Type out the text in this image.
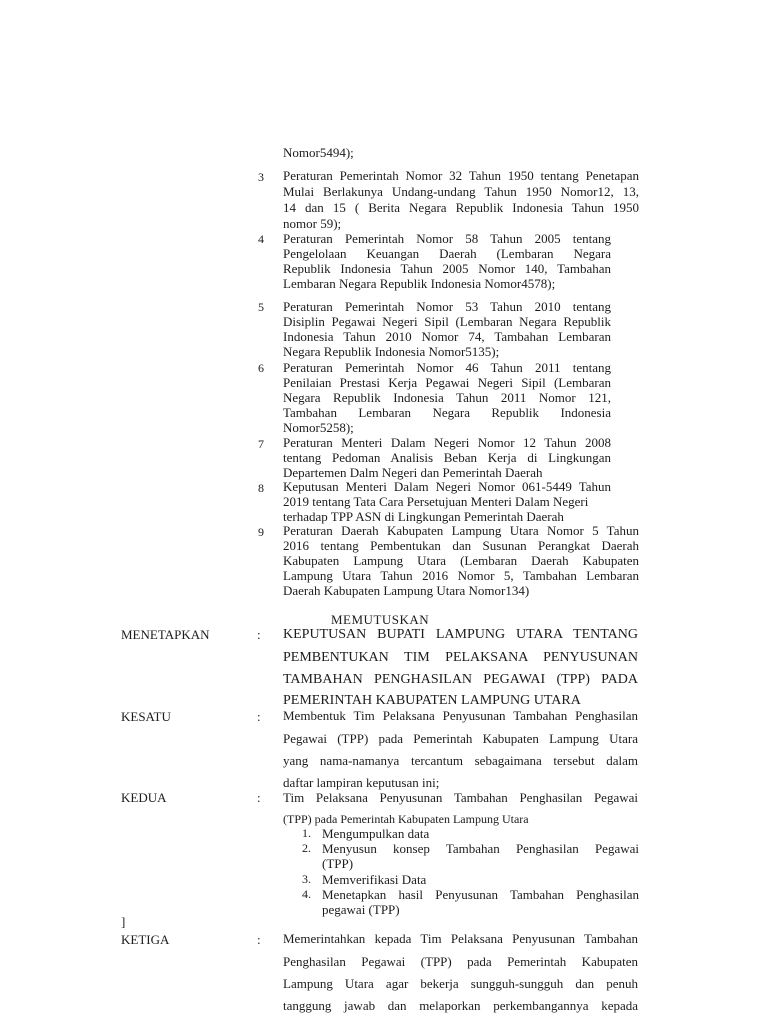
Nomor5494);
3 Peraturan Pemerintah Nomor 32 Tahun 1950 tentang Penetapan
Mulai Berlakunya Undang-undang Tahun 1950 Nomor12, 13,
14 dan 15 ( Berita Negara Republik Indonesia Tahun 1950
nomor 59);
4 Peraturan Pemerintah Nomor 58 Tahun 2005 tentang
Pengelolaan Keuangan Daerah (Lembaran Negara
Republik Indonesia Tahun 2005 Nomor 140, Tambahan
Lembaran Negara Republik Indonesia Nomor4578);
5 Peraturan Pemerintah Nomor 53 Tahun 2010 tentang
Disiplin Pegawai Negeri Sipil (Lembaran Negara Republik
Indonesia Tahun 2010 Nomor 74, Tambahan Lembaran
Negara Republik Indonesia Nomor5135);
6 Peraturan Pemerintah Nomor 46 Tahun 2011 tentang
Penilaian Prestasi Kerja Pegawai Negeri Sipil (Lembaran
Negara Republik Indonesia Tahun 2011 Nomor 121,
Tambahan Lembaran Negara Republik Indonesia
Nomor5258);
7 Peraturan Menteri Dalam Negeri Nomor 12 Tahun 2008
tentang Pedoman Analisis Beban Kerja di Lingkungan
Departemen Dalm Negeri dan Pemerintah Daerah
8 Keputusan Menteri Dalam Negeri Nomor 061-5449 Tahun
2019 tentang Tata Cara Persetujuan Menteri Dalam Negeri
terhadap TPP ASN di Lingkungan Pemerintah Daerah
9 Peraturan Daerah Kabupaten Lampung Utara Nomor 5 Tahun
2016 tentang Pembentukan dan Susunan Perangkat Daerah
Kabupaten Lampung Utara (Lembaran Daerah Kabupaten
Lampung Utara Tahun 2016 Nomor 5, Tambahan Lembaran
Daerah Kabupaten Lampung Utara Nomor134)
MEMUTUSKAN
MENETAPKAN	: KEPUTUSAN BUPATI LAMPUNG UTARA TENTANG
PEMBENTUKAN TIM PELAKSANA PENYUSUNAN
TAMBAHAN PENGHASILAN PEGAWAI (TPP) PADA
PEMERINTAH KABUPATEN LAMPUNG UTARA
KESATU	: Membentuk Tim Pelaksana Penyusunan Tambahan Penghasilan
Pegawai (TPP) pada Pemerintah Kabupaten Lampung Utara
yang nama-namanya tercantum sebagaimana tersebut dalam
daftar lampiran keputusan ini;
KEDUA	: Tim Pelaksana Penyusunan Tambahan Penghasilan Pegawai
(TPP) pada Pemerintah Kabupaten Lampung Utara
1. Mengumpulkan data
2. Menyusun konsep Tambahan Penghasilan Pegawai
(TPP)
3. Memverifikasi Data
4. Menetapkan hasil Penyusunan Tambahan Penghasilan
pegawai (TPP)
]
KETIGA	: Memerintahkan kepada Tim Pelaksana Penyusunan Tambahan
Penghasilan Pegawai (TPP) pada Pemerintah Kabupaten
Lampung Utara agar bekerja sungguh-sungguh dan penuh
tanggung jawab dan melaporkan perkembangannya kepada
